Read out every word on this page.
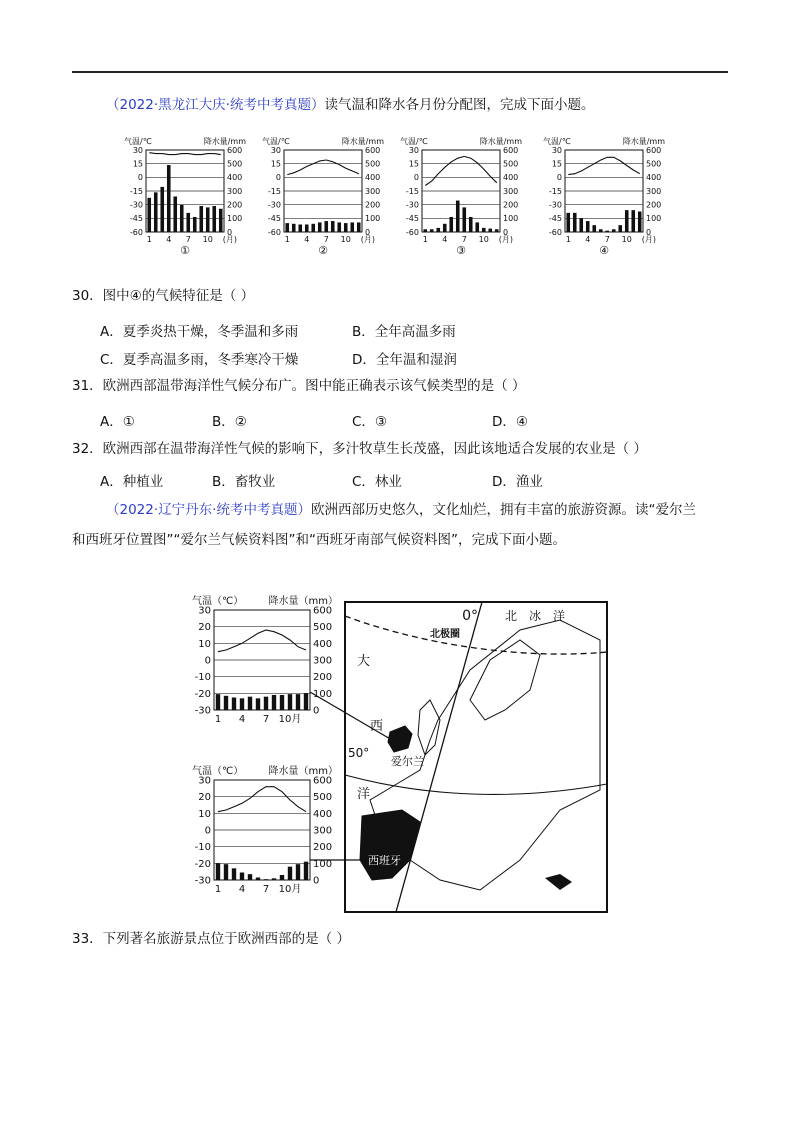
（2022·黑龙江大庆·统考中考真题）读气温和降水各月份分配图，完成下面小题。
30	600
15	500
0	400
-15	300
-30	200
-45	100
-60	0
气温/℃	降水量/mm
1 4 7 10 (月)
①
30	600
15	500
0	400
-15	300
-30	200
-45	100
-60	0
气温/℃	降水量/mm
1 4 7 10 (月)
②
30	600
15	500
0	400
-15	300
-30	200
-45	100
-60	0
气温/℃	降水量/mm
1 4 7 10 (月)
③
30	600
15	500
0	400
-15	300
-30	200
-45	100
-60	0
气温/℃	降水量/mm
1 4 7 10 (月)
④
30．图中④的气候特征是（ ）
A．夏季炎热干燥，冬季温和多雨	B．全年高温多雨
C．夏季高温多雨，冬季寒冷干燥	D．全年温和湿润
31．欧洲西部温带海洋性气候分布广。图中能正确表示该气候类型的是（ ）
A．①	B．②	C．③	D．④
32．欧洲西部在温带海洋性气候的影响下，多汁牧草生长茂盛，因此该地适合发展的农业是（ ）
A．种植业	B．畜牧业	C．林业	D．渔业
（2022·辽宁丹东·统考中考真题）欧洲西部历史悠久，文化灿烂，拥有丰富的旅游资源。读“爱尔兰
和西班牙位置图”“爱尔兰气候资料图”和“西班牙南部气候资料图”，完成下面小题。
30	600
20	500
10	400
0	300
-10	200
-20	100
-30	0
气温（℃）	降水量（mm）
1 4 7 10月
30	600
20	500
10	400
0	300
-10	200
-20	100
-30	0
气温（℃）	降水量（mm）
1 4 7 10月
0° 北　冰　洋
北极圈
大
西
洋
50°
爱尔兰
西班牙
33．下列著名旅游景点位于欧洲西部的是（ ）
